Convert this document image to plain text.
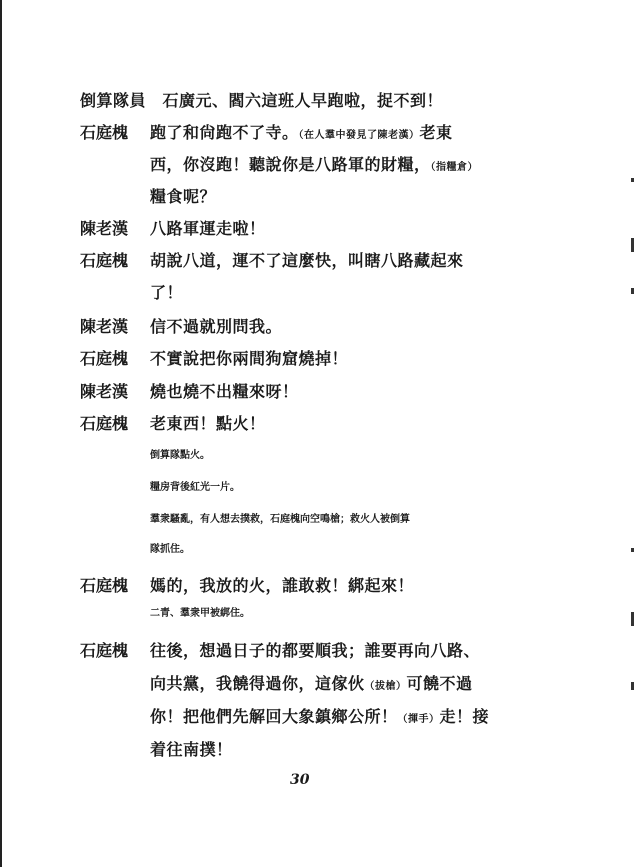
倒算隊員　石廣元、閻六這班人早跑啦，捉不到！
石庭槐 跑了和尙跑不了寺。（在人羣中發見了陳老漢）老東
西，你沒跑！聽說你是八路軍的財糧，（指糧倉）
糧食呢？
陳老漢 八路軍運走啦！
石庭槐 胡說八道，運不了這麼快，叫瞎八路藏起來
了！
陳老漢 信不過就別問我。
石庭槐 不實說把你兩間狗窟燒掉！
陳老漢 燒也燒不出糧來呀！
石庭槐 老東西！點火！
倒算隊點火。
糧房背後紅光一片。
羣衆騷亂，有人想去撲救，石庭槐向空鳴槍；救火人被倒算
隊抓住。
石庭槐 媽的，我放的火，誰敢救！綁起來！
二青、羣衆甲被綁住。
石庭槐 往後，想過日子的都要順我；誰要再向八路、
向共黨，我饒得過你，這傢伙（拔槍）可饒不過
你！把他們先解回大象鎮鄉公所！（揮手）走！接
着往南撲！
30
